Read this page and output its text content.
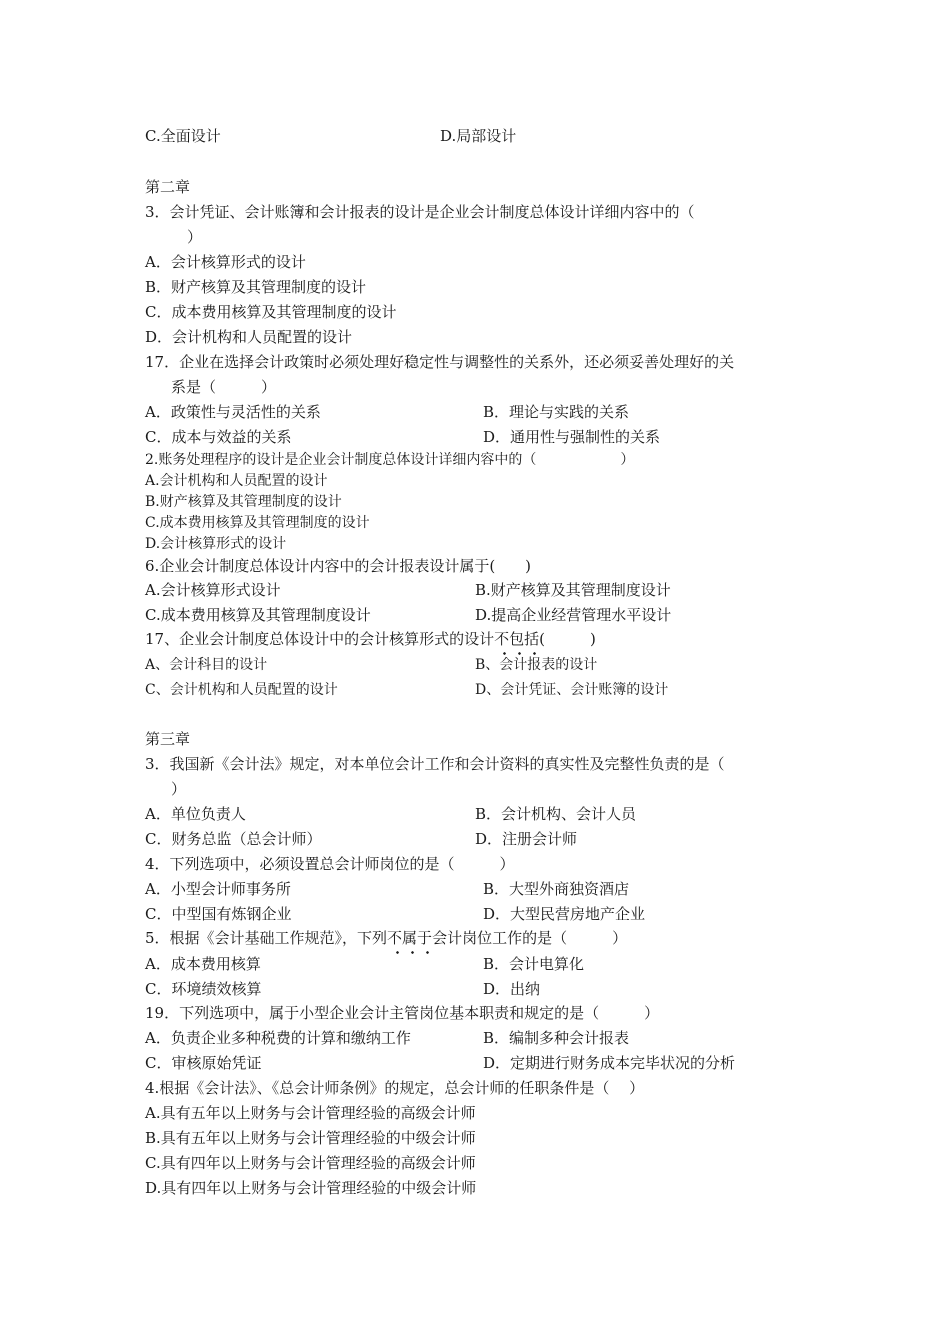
C.全面设计	D.局部设计
第二章
3．会计凭证、会计账簿和会计报表的设计是企业会计制度总体设计详细内容中的（
）
A．会计核算形式的设计
B．财产核算及其管理制度的设计
C．成本费用核算及其管理制度的设计
D．会计机构和人员配置的设计
17．企业在选择会计政策时必须处理好稳定性与调整性的关系外，还必须妥善处理好的关
系是（　　　）
A．政策性与灵活性的关系	B．理论与实践的关系
C．成本与效益的关系	D．通用性与强制性的关系
2.账务处理程序的设计是企业会计制度总体设计详细内容中的（　　　　　　）
A.会计机构和人员配置的设计
B.财产核算及其管理制度的设计
C.成本费用核算及其管理制度的设计
D.会计核算形式的设计
6.企业会计制度总体设计内容中的会计报表设计属于(　　)
A.会计核算形式设计	B.财产核算及其管理制度设计
C.成本费用核算及其管理制度设计	D.提高企业经营管理水平设计
17、企业会计制度总体设计中的会计核算形式的设计不包括(　　　)
A、会计科目的设计	B、会计报表的设计
C、会计机构和人员配置的设计	D、会计凭证、会计账簿的设计
第三章
3．我国新《会计法》规定，对本单位会计工作和会计资料的真实性及完整性负责的是（
）
A．单位负责人	B．会计机构、会计人员
C．财务总监（总会计师）	D．注册会计师
4．下列选项中，必须设置总会计师岗位的是（　　　）
A．小型会计师事务所	B．大型外商独资酒店
C．中型国有炼钢企业	D．大型民营房地产企业
5．根据《会计基础工作规范》，下列不属于会计岗位工作的是（　　　）
A．成本费用核算	B．会计电算化
C．环境绩效核算	D．出纳
19．下列选项中，属于小型企业会计主管岗位基本职责和规定的是（　　　）
A．负责企业多种税费的计算和缴纳工作	B．编制多种会计报表
C．审核原始凭证	D．定期进行财务成本完毕状况的分析
4.根据《会计法》、《总会计师条例》的规定，总会计师的任职条件是（　 ）
A.具有五年以上财务与会计管理经验的高级会计师
B.具有五年以上财务与会计管理经验的中级会计师
C.具有四年以上财务与会计管理经验的高级会计师
D.具有四年以上财务与会计管理经验的中级会计师
